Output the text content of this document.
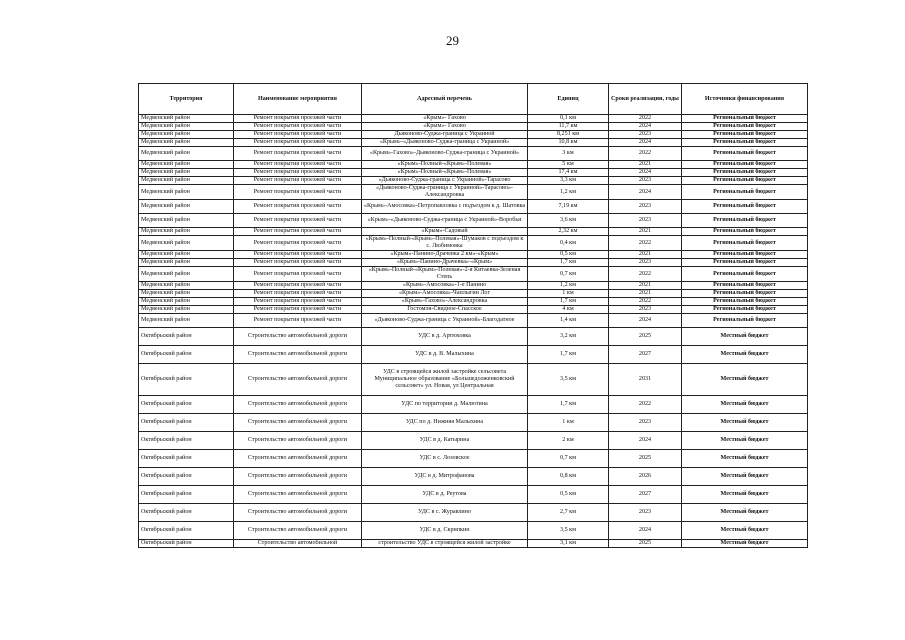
29
Территория	Наименование мероприятия	Адресный перечень	Единиц	Сроки реализации, годы	Источники финансирования
Медвенский район	Ремонт покрытия проезжей части	«Крым»- Гахово	0,1 км	2022	Региональный бюджет
Медвенский район	Ремонт покрытия проезжей части	«Крым»- Гахово	11,7 км	2024	Региональный бюджет
Медвенский район	Ремонт покрытия проезжей части	Дьяконово-Суджа-граница с Украиной	8,251 км	2023	Региональный бюджет
Медвенский район	Ремонт покрытия проезжей части	«Крым»-«Дьяконово-Суджа-граница с Украиной»	10,8 км	2024	Региональный бюджет
Медвенский район	Ремонт покрытия проезжей части	«Крым»-Гахово»-Дьяконово-Суджа-граница с Украиной»	3 км	2022	Региональный бюджет
Медвенский район	Ремонт покрытия проезжей части	«Крым»-Полный-«Крым»-Полевая»	5 км	2021	Региональный бюджет
Медвенский район	Ремонт покрытия проезжей части	«Крым»-Полный-«Крым»-Полевая»	17,4 км	2024	Региональный бюджет
Медвенский район	Ремонт покрытия проезжей части	«Дьяконово-Суджа-граница с Украиной»-Тарасово	3,3 км	2023	Региональный бюджет
Медвенский район	Ремонт покрытия проезжей части	«Дьяконово-Суджа-граница с Украиной»-Тарасово»-Александровка	1,2 км	2024	Региональный бюджет
Медвенский район	Ремонт покрытия проезжей части	«Крым»-Амосовка»-Петропавловка с подъездом к д. Шатовка	7,19 км	2023	Региональный бюджет
Медвенский район	Ремонт покрытия проезжей части	«Крым»-«Дьяконово-Суджа-граница с Украиной»-Воробьи	3,6 км	2023	Региональный бюджет
Медвенский район	Ремонт покрытия проезжей части	«Крым»-Садовый	2,32 км	2021	Региональный бюджет
Медвенский район	Ремонт покрытия проезжей части	«Крым»-Полный-«Крым»-Полевая»-Шумаков с подъездом к с. Любимовка	0,4 км	2022	Региональный бюджет
Медвенский район	Ремонт покрытия проезжей части	«Крым»-Панино-Драчевка 2 км»-«Крым»	0,5 км	2021	Региональный бюджет
Медвенский район	Ремонт покрытия проезжей части	«Крым»-Панино-Драчевка»-«Крым»	1,7 км	2023	Региональный бюджет
Медвенский район	Ремонт покрытия проезжей части	«Крым»-Полный-«Крым»-Полевая»-2-я Китаевка-Зеленая Степь	0,7 км	2022	Региональный бюджет
Медвенский район	Ремонт покрытия проезжей части	«Крым»-Амосовка»-1-е Панино	1,2 км	2021	Региональный бюджет
Медвенский район	Ремонт покрытия проезжей части	«Крым»-Амосовка»-Чаплыгин Лог	1 км	2021	Региональный бюджет
Медвенский район	Ремонт покрытия проезжей части	«Крым»-Гахово»-Александровка	1,7 км	2022	Региональный бюджет
Медвенский район	Ремонт покрытия проезжей части	Гостомля-Свидное-Спасское	4 км	2023	Региональный бюджет
Медвенский район	Ремонт покрытия проезжей части	«Дьяконово-Суджа-граница с Украиной»-Благодатное	1,4 км	2024	Региональный бюджет
Октябрьский район	Строительство автомобильной дороги	УДС в д. Артюховка	3,2 км	2025	Местный бюджет
Октябрьский район	Строительство автомобильной дороги	УДС в д. В. Малыхина	1,7 км	2027	Местный бюджет
Октябрьский район	Строительство автомобильной дороги	УДС в строящейся жилой застройке сельсовета Муниципальное образование «Большедолженковский сельсовет» ул. Новая, ул Центральная	3,5 км	2031	Местный бюджет
Октябрьский район	Строительство автомобильной дороги	УДС по территории д. Малютина	1,7 км	2022	Местный бюджет
Октябрьский район	Строительство автомобильной дороги	УДС по д. Нижняя Малыхина	1 км	2023	Местный бюджет
Октябрьский район	Строительство автомобильной дороги	УДС в д. Катырина	2 км	2024	Местный бюджет
Октябрьский район	Строительство автомобильной дороги	УДС в с. Лозовское	0,7 км	2025	Местный бюджет
Октябрьский район	Строительство автомобильной дороги	УДС в д. Митрофанова	0,8 км	2026	Местный бюджет
Октябрьский район	Строительство автомобильной дороги	УДС в д. Реутова	0,5 км	2027	Местный бюджет
Октябрьский район	Строительство автомобильной дороги	УДС в с. Журавлино	2,7 км	2023	Местный бюджет
Октябрьский район	Строительство автомобильной дороги	УДС в д. Скрипкин	3,5 км	2024	Местный бюджет
Октябрьский район	Строительство автомобильной	строительство УДС в строящейся жилой застройке	3,1 км	2025	Местный бюджет
